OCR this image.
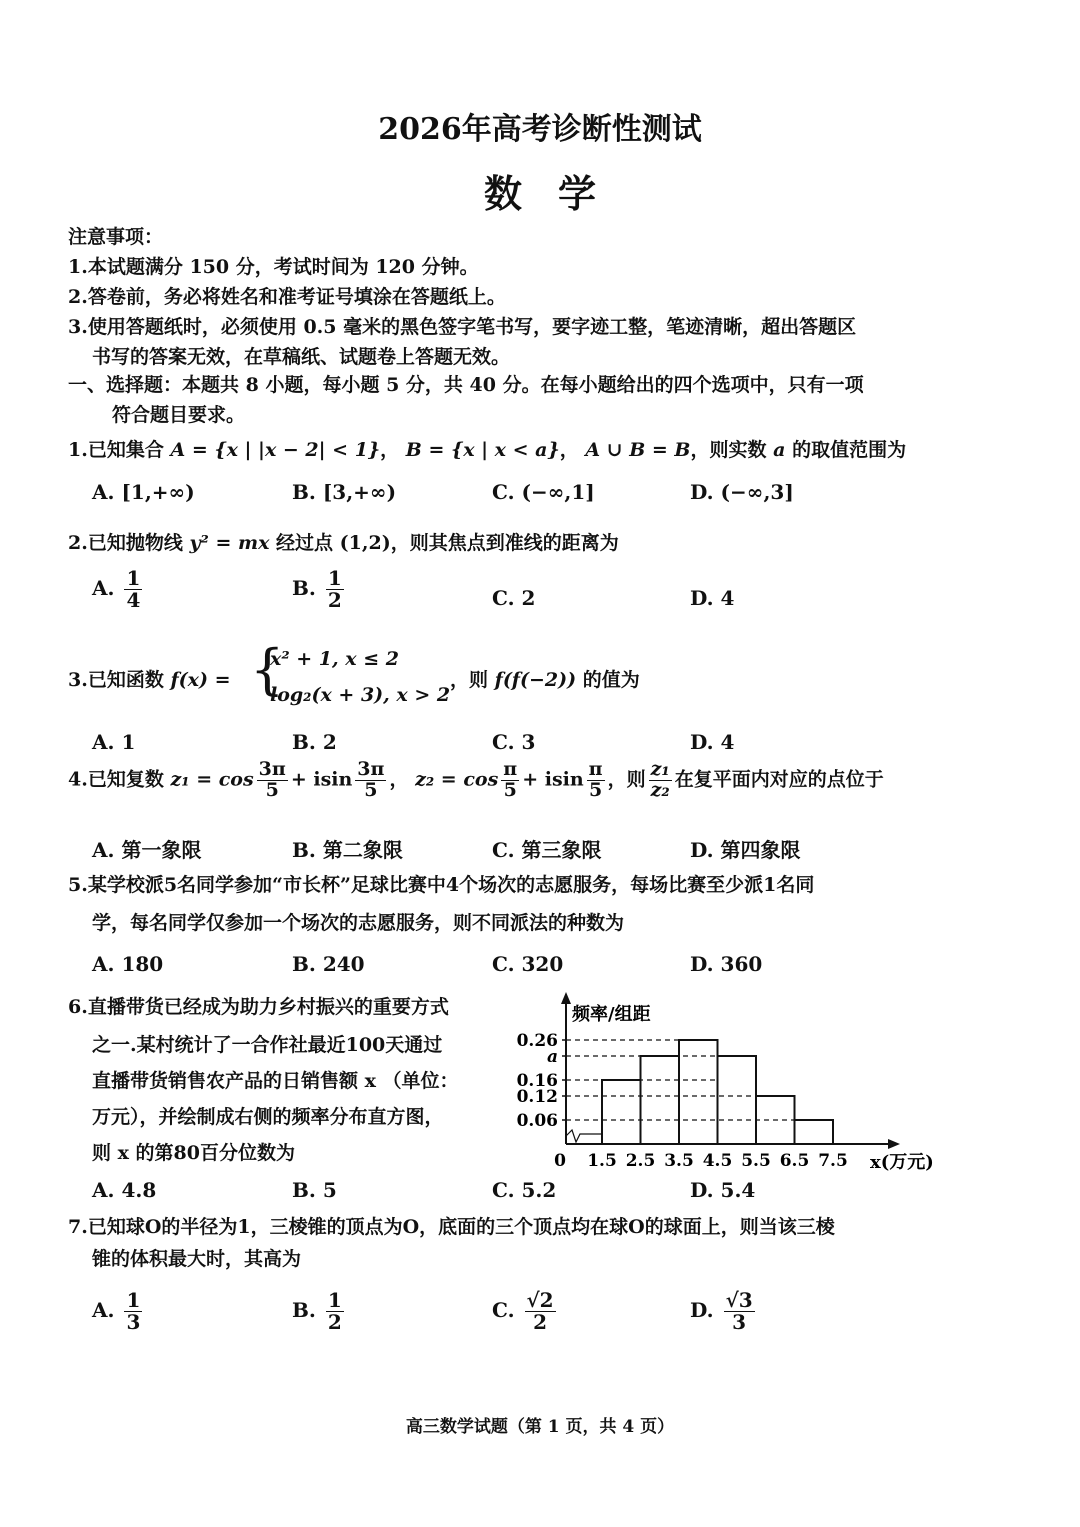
2026年高考诊断性测试
数学
注意事项：
1.本试题满分 150 分，考试时间为 120 分钟。
2.答卷前，务必将姓名和准考证号填涂在答题纸上。
3.使用答题纸时，必须使用 0.5 毫米的黑色签字笔书写，要字迹工整，笔迹清晰，超出答题区
书写的答案无效，在草稿纸、试题卷上答题无效。
一、选择题：本题共 8 小题，每小题 5 分，共 40 分。在每小题给出的四个选项中，只有一项
符合题目要求。
1.已知集合 A = {x | |x − 2| < 1}， B = {x | x < a}， A ∪ B = B，则实数 a 的取值范围为
A. [1,+∞)	B. [3,+∞)	C. (−∞,1]	D. (−∞,3]
2.已知抛物线 y² = mx 经过点 (1,2)，则其焦点到准线的距离为
A. $\frac{1}{4}$	B. $\frac{1}{2}$	C. 2	D. 4
3.已知函数 f(x) = {
x² + 1, x ≤ 2
log₂(x + 3), x > 2
，则 f(f(−2)) 的值为
A. 1	B. 2	C. 3	D. 4
4.已知复数 $z_1 = \cos \frac{3\pi}{5} + isin \frac{3\pi}{5}$ ， $z_2 = \cos \frac{\pi}{5} + isin \frac{\pi}{5}$ ，则 $\frac{\text{z₁}}{\text{z₂}}$ 在复平面内对应的点位于
A. 第一象限	B. 第二象限	C. 第三象限	D. 第四象限
5.某学校派5名同学参加“市长杯”足球比赛中4个场次的志愿服务，每场比赛至少派1名同
学，每名同学仅参加一个场次的志愿服务，则不同派法的种数为
A. 180	B. 240	C. 320	D. 360
6.直播带货已经成为助力乡村振兴的重要方式
之一.某村统计了一合作社最近100天通过
直播带货销售农产品的日销售额 x （单位：
万元），并绘制成右侧的频率分布直方图，
则 x 的第80百分位数为
0.26
a
0.16
0.12
0.06
1.5 2.5 3.5 4.5 5.5 6.5 7.5
0	x(万元)
频率/组距
A. 4.8	B. 5	C. 5.2	D. 5.4
7.已知球O的半径为1，三棱锥的顶点为O，底面的三个顶点均在球O的球面上，则当该三棱
锥的体积最大时，其高为
A. $\frac{1}{3}$	B. $\frac{1}{2}$	C. $\frac{√2}{2}$	D. $\frac{√3}{3}$
高三数学试题（第 1 页，共 4 页）
